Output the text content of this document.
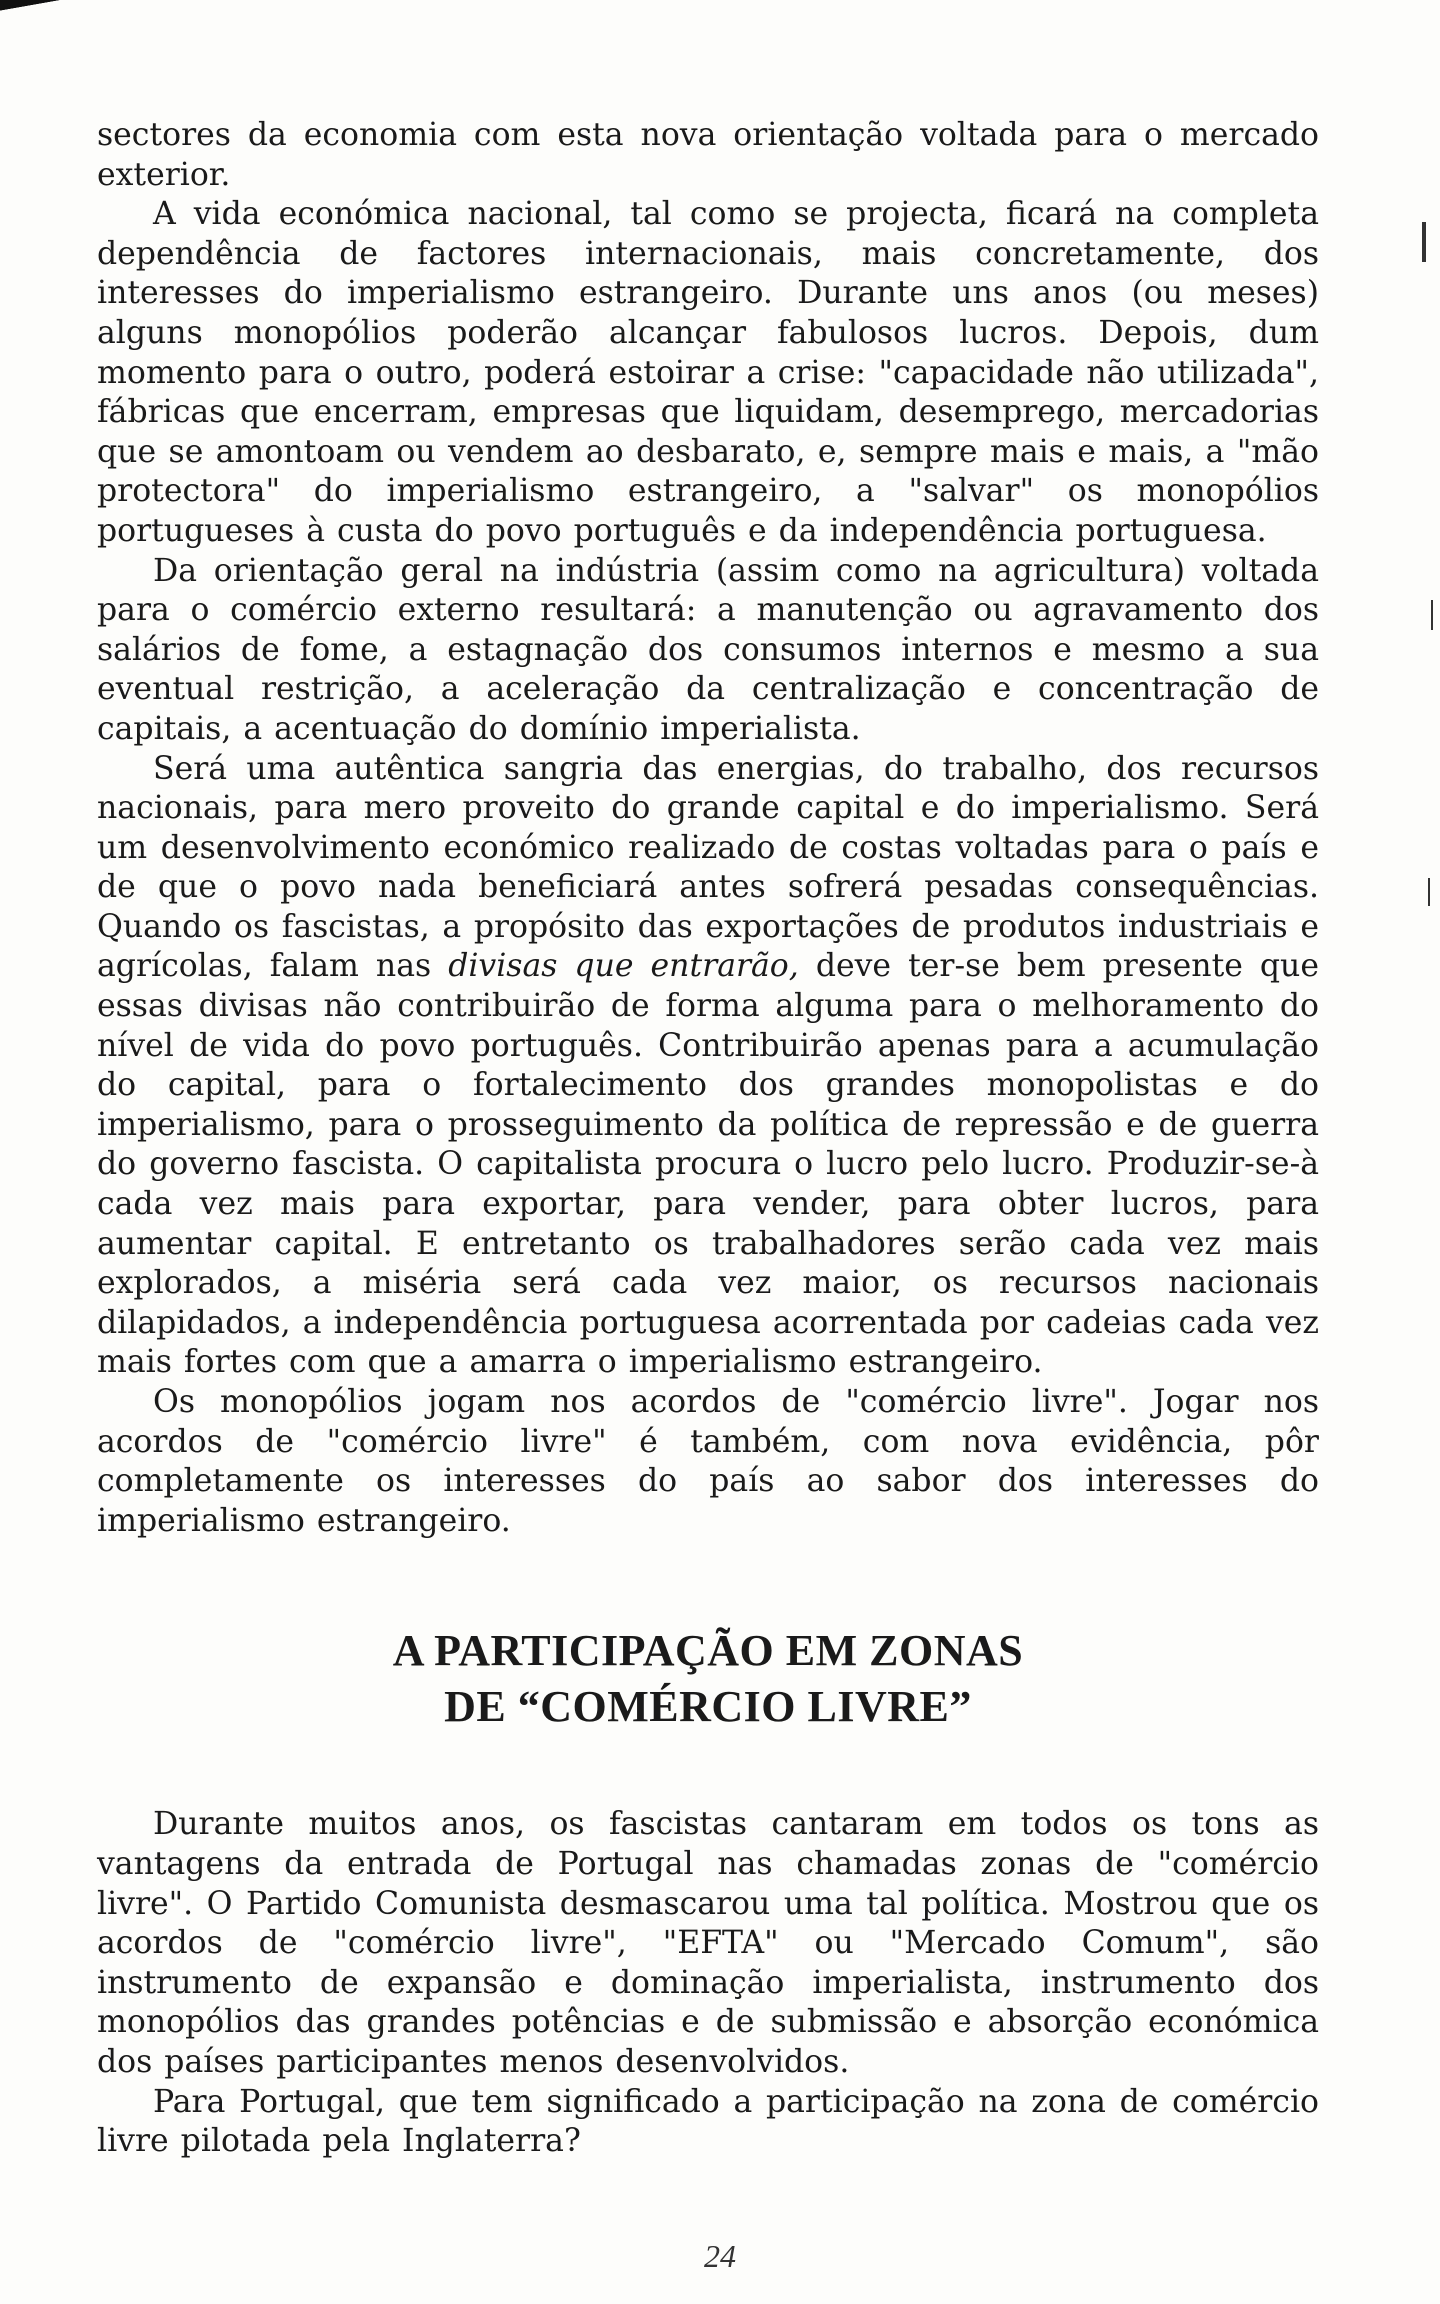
sectores da economia com esta nova orientação voltada para o mercado exterior.

A vida económica nacional, tal como se projecta, ficará na completa dependência de factores internacionais, mais concretamente, dos interesses do imperialismo estrangeiro. Durante uns anos (ou meses) alguns monopólios poderão alcançar fabulosos lucros. Depois, dum momento para o outro, poderá estoirar a crise: "capacidade não utilizada", fábricas que encerram, empresas que liquidam, desemprego, mercadorias que se amontoam ou vendem ao desbarato, e, sempre mais e mais, a "mão protectora" do imperialismo estrangeiro, a "salvar" os monopólios portugueses à custa do povo português e da independência portuguesa.

Da orientação geral na indústria (assim como na agricultura) voltada para o comércio externo resultará: a manutenção ou agravamento dos salários de fome, a estagnação dos consumos internos e mesmo a sua eventual restrição, a aceleração da centralização e concentração de capitais, a acentuação do domínio imperialista.

Será uma autêntica sangria das energias, do trabalho, dos recursos nacionais, para mero proveito do grande capital e do imperialismo. Será um desenvolvimento económico realizado de costas voltadas para o país e de que o povo nada beneficiará antes sofrerá pesadas consequências. Quando os fascistas, a propósito das exportações de produtos industriais e agrícolas, falam nas divisas que entrarão, deve ter-se bem presente que essas divisas não contribuirão de forma alguma para o melhoramento do nível de vida do povo português. Contribuirão apenas para a acumulação do capital, para o fortalecimento dos grandes monopolistas e do imperialismo, para o prosseguimento da política de repressão e de guerra do governo fascista. O capitalista procura o lucro pelo lucro. Produzir-se-à cada vez mais para exportar, para vender, para obter lucros, para aumentar capital. E entretanto os trabalhadores serão cada vez mais explorados, a miséria será cada vez maior, os recursos nacionais dilapidados, a independência portuguesa acorrentada por cadeias cada vez mais fortes com que a amarra o imperialismo estrangeiro.

Os monopólios jogam nos acordos de "comércio livre". Jogar nos acordos de "comércio livre" é também, com nova evidência, pôr completamente os interesses do país ao sabor dos interesses do imperialismo estrangeiro.

A PARTICIPAÇÃO EM ZONAS
DE “COMÉRCIO LIVRE”

Durante muitos anos, os fascistas cantaram em todos os tons as vantagens da entrada de Portugal nas chamadas zonas de "comércio livre". O Partido Comunista desmascarou uma tal política. Mostrou que os acordos de "comércio livre", "EFTA" ou "Mercado Comum", são instrumento de expansão e dominação imperialista, instrumento dos monopólios das grandes potências e de submissão e absorção económica dos países participantes menos desenvolvidos.

Para Portugal, que tem significado a participação na zona de comércio livre pilotada pela Inglaterra?

24
